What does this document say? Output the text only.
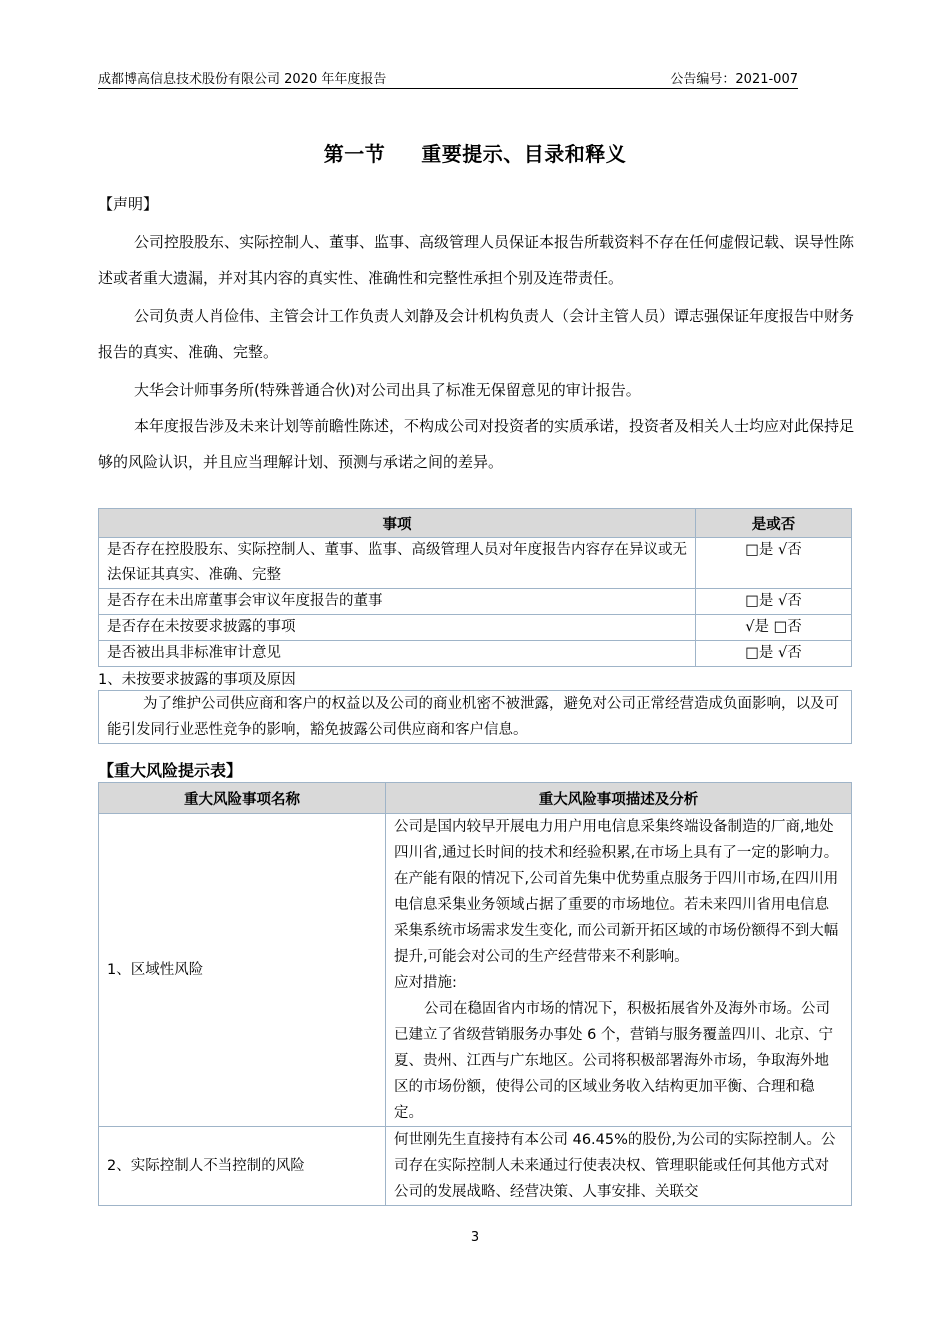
成都博高信息技术股份有限公司 2020 年年度报告	公告编号：2021-007
第一节 重要提示、目录和释义
【声明】
公司控股股东、实际控制人、董事、监事、高级管理人员保证本报告所载资料不存在任何虚假记载、误导性陈述或者重大遗漏，并对其内容的真实性、准确性和完整性承担个别及连带责任。
公司负责人肖俭伟、主管会计工作负责人刘静及会计机构负责人（会计主管人员）谭志强保证年度报告中财务报告的真实、准确、完整。
大华会计师事务所(特殊普通合伙)对公司出具了标准无保留意见的审计报告。
本年度报告涉及未来计划等前瞻性陈述，不构成公司对投资者的实质承诺，投资者及相关人士均应对此保持足够的风险认识，并且应当理解计划、预测与承诺之间的差异。
事项	是或否
是否存在控股股东、实际控制人、董事、监事、高级管理人员对年度报告内容存在异议或无法保证其真实、准确、完整	□是 √否
是否存在未出席董事会审议年度报告的董事	□是 √否
是否存在未按要求披露的事项	√是 □否
是否被出具非标准审计意见	□是 √否
1、未按要求披露的事项及原因
为了维护公司供应商和客户的权益以及公司的商业机密不被泄露，避免对公司正常经营造成负面影响，以及可能引发同行业恶性竞争的影响，豁免披露公司供应商和客户信息。
【重大风险提示表】
重大风险事项名称	重大风险事项描述及分析
1、区域性风险	公司是国内较早开展电力用户用电信息采集终端设备制造的厂商,地处四川省,通过长时间的技术和经验积累,在市场上具有了一定的影响力。在产能有限的情况下,公司首先集中优势重点服务于四川市场,在四川用电信息采集业务领域占据了重要的市场地位。若未来四川省用电信息采集系统市场需求发生变化, 而公司新开拓区域的市场份额得不到大幅提升,可能会对公司的生产经营带来不利影响。

应对措施:

公司在稳固省内市场的情况下，积极拓展省外及海外市场。公司已建立了省级营销服务办事处 6 个，营销与服务覆盖四川、北京、宁夏、贵州、江西与广东地区。公司将积极部署海外市场，争取海外地区的市场份额，使得公司的区域业务收入结构更加平衡、合理和稳定。

2、实际控制人不当控制的风险	何世刚先生直接持有本公司 46.45%的股份,为公司的实际控制人。公司存在实际控制人未来通过行使表决权、管理职能或任何其他方式对公司的发展战略、经营决策、人事安排、关联交

3
